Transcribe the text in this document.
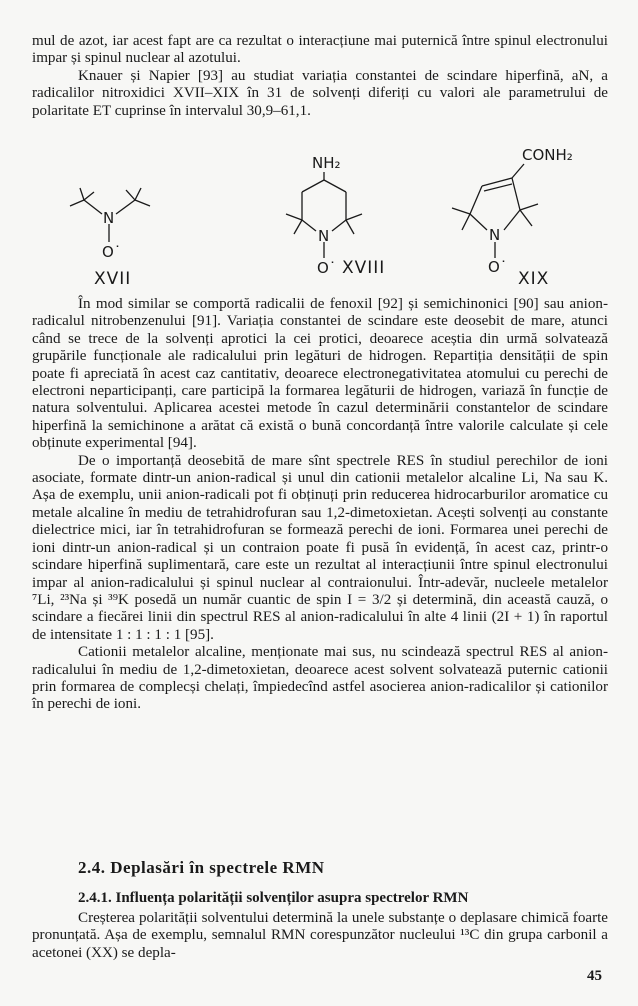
mul de azot, iar acest fapt are ca rezultat o interacțiune mai puternică între spinul electronului impar și spinul nuclear al azotului.

Knauer și Napier [93] au studiat variația constantei de scindare hiperfină, aN, a radicalilor nitroxidici XVII–XIX în 31 de solvenți diferiți cu valori ale parametrului de polaritate ET cuprinse în intervalul 30,9–61,1.

N
O˙
XVII
NH₂
N
O˙ XVIII
CONH₂
N
O˙
XIX

În mod similar se comportă radicalii de fenoxil [92] și semichinonici [90] sau anion-radicalul nitrobenzenului [91]. Variația constantei de scindare este deosebit de mare, atunci când se trece de la solvenți aprotici la cei protici, deoarece aceștia din urmă solvatează grupările funcționale ale radicalului prin legături de hidrogen. Repartiția densității de spin poate fi apreciată în acest caz cantitativ, deoarece electronegativitatea atomului cu perechi de electroni neparticipanți, care participă la formarea legăturii de hidrogen, variază în funcție de natura solventului. Aplicarea acestei metode în cazul determinării constantelor de scindare hiperfină la semichinone a arătat că există o bună concordanță între valorile calculate și cele obținute experimental [94].

De o importanță deosebită de mare sînt spectrele RES în studiul perechilor de ioni asociate, formate dintr-un anion-radical și unul din cationii metalelor alcaline Li, Na sau K. Așa de exemplu, unii anion-radicali pot fi obținuți prin reducerea hidrocarburilor aromatice cu metale alcaline în mediu de tetrahidrofuran sau 1,2-dimetoxietan. Acești solvenți au constante dielectrice mici, iar în tetrahidrofuran se formează perechi de ioni. Formarea unei perechi de ioni dintr-un anion-radical și un contraion poate fi pusă în evidență, în acest caz, printr-o scindare hiperfină suplimentară, care este un rezultat al interacțiunii între spinul electronului impar al anion-radicalului și spinul nuclear al contraionului. Într-adevăr, nucleele metalelor ⁷Li, ²³Na și ³⁹K posedă un număr cuantic de spin I = 3/2 și determină, din această cauză, o scindare a fiecărei linii din spectrul RES al anion-radicalului în alte 4 linii (2I + 1) în raportul de intensitate 1 : 1 : 1 : 1 [95].

Cationii metalelor alcaline, menționate mai sus, nu scindează spectrul RES al anion-radicalului în mediu de 1,2-dimetoxietan, deoarece acest solvent solvatează puternic cationii prin formarea de complecși chelați, împiedecînd astfel asocierea anion-radicalilor și cationilor în perechi de ioni.

2.4. Deplasări în spectrele RMN
2.4.1. Influența polarității solvenților asupra spectrelor RMN

Creșterea polarității solventului determină la unele substanțe o deplasare chimică foarte pronunțată. Așa de exemplu, semnalul RMN corespunzător nucleului ¹³C din grupa carbonil a acetonei (XX) se depla-

45
